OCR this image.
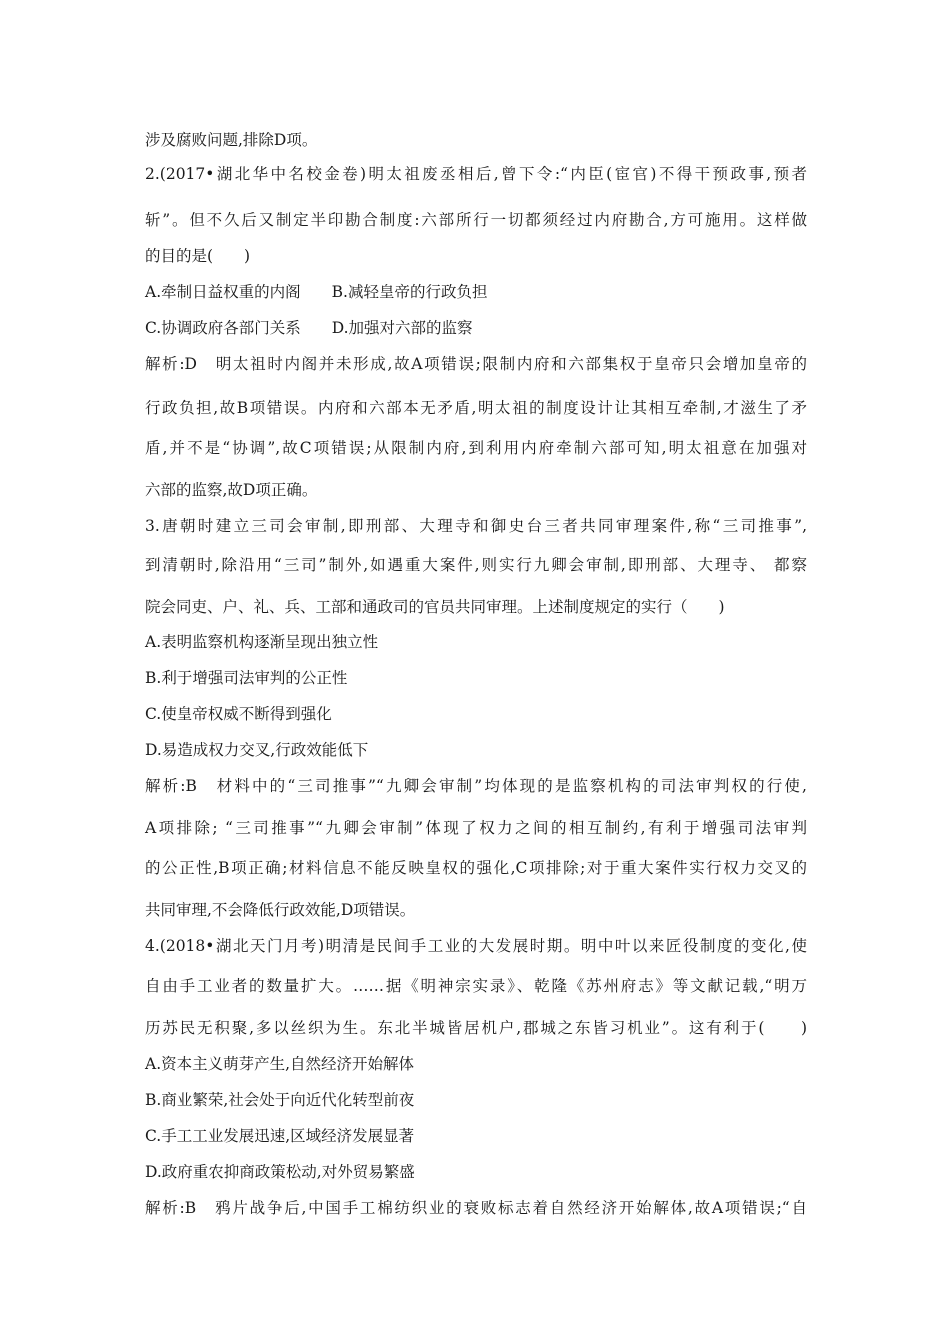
涉及腐败问题,排除D项。
2.(2017•湖北华中名校金卷)明太祖废丞相后,曾下令:“内臣(宦官)不得干预政事,预者
斩”。但不久后又制定半印勘合制度:六部所行一切都须经过内府勘合,方可施用。这样做
的目的是(　　)
A.牵制日益权重的内阁　　B.减轻皇帝的行政负担
C.协调政府各部门关系　　D.加强对六部的监察
解析:D　明太祖时内阁并未形成,故A项错误;限制内府和六部集权于皇帝只会增加皇帝的
行政负担,故B项错误。内府和六部本无矛盾,明太祖的制度设计让其相互牵制,才滋生了矛
盾,并不是“协调”,故C项错误;从限制内府,到利用内府牵制六部可知,明太祖意在加强对
六部的监察,故D项正确。
3.唐朝时建立三司会审制,即刑部、大理寺和御史台三者共同审理案件,称“三司推事”,
到清朝时,除沿用“三司”制外,如遇重大案件,则实行九卿会审制,即刑部、大理寺、 都察
院会同吏、户、礼、兵、工部和通政司的官员共同审理。上述制度规定的实行（　　)
A.表明监察机构逐渐呈现出独立性
B.利于增强司法审判的公正性
C.使皇帝权威不断得到强化
D.易造成权力交叉,行政效能低下
解析:B　材料中的“三司推事”“九卿会审制”均体现的是监察机构的司法审判权的行使,
A项排除; “三司推事”“九卿会审制”体现了权力之间的相互制约,有利于增强司法审判
的公正性,B项正确;材料信息不能反映皇权的强化,C项排除;对于重大案件实行权力交叉的
共同审理,不会降低行政效能,D项错误。
4.(2018•湖北天门月考)明清是民间手工业的大发展时期。明中叶以来匠役制度的变化,使
自由手工业者的数量扩大。……据《明神宗实录》、乾隆《苏州府志》等文献记载,“明万
历苏民无积聚,多以丝织为生。东北半城皆居机户,郡城之东皆习机业”。这有利于(　　)
A.资本主义萌芽产生,自然经济开始解体
B.商业繁荣,社会处于向近代化转型前夜
C.手工工业发展迅速,区域经济发展显著
D.政府重农抑商政策松动,对外贸易繁盛
解析:B　鸦片战争后,中国手工棉纺织业的衰败标志着自然经济开始解体,故A项错误;“自
